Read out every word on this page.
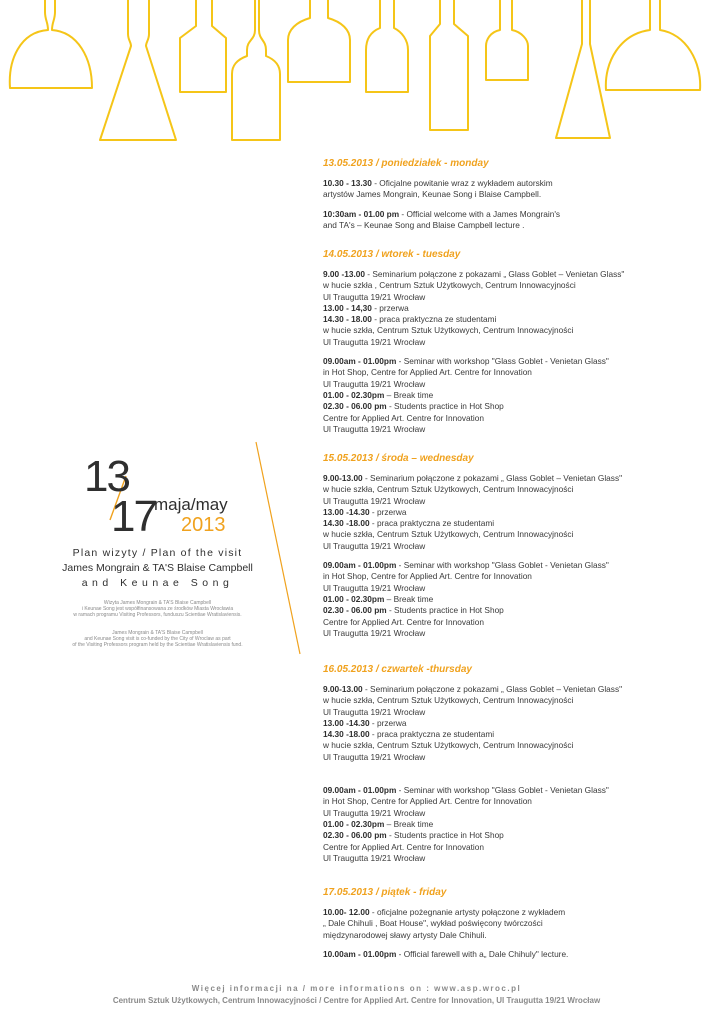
13
17
maja/may
2013
Plan wizyty / Plan of the visit
James Mongrain & TA'S Blaise Campbell
and Keunae Song
Wizyta James Mongrain & TA'S Blaise Campbell
i Keunae Song jest współfinansowana ze środków Miasta Wrocławia
w ramach programu Visiting Professors, funduszu Scientiae Wratislaviensis.
James Mongrain & TA'S Blaise Campbell
and Keunae Song visit is co-funded by the City of Wroclaw as part
of the Visiting Professors program held by the Scientiae Wratislaviensis fund.
13.05.2013 / poniedziałek - monday
10.30 - 13.30 - Oficjalne powitanie wraz z wykładem autorskim
artystów James Mongrain, Keunae Song i Blaise Campbell.
10:30am - 01.00 pm - Official welcome with a James Mongrain's
and TA's – Keunae Song and Blaise Campbell lecture .
14.05.2013 / wtorek - tuesday
9.00 -13.00 - Seminarium połączone z pokazami „ Glass Goblet – Venietan Glass"
w hucie szkła , Centrum Sztuk Użytkowych, Centrum Innowacyjności
Ul Traugutta 19/21 Wrocław
13.00 - 14,30 - przerwa
14.30 - 18.00 - praca praktyczna ze studentami
w hucie szkła, Centrum Sztuk Użytkowych, Centrum Innowacyjności
Ul Traugutta 19/21 Wrocław
09.00am - 01.00pm - Seminar with workshop "Glass Goblet - Venietan Glass"
in Hot Shop, Centre for Applied Art. Centre for Innovation
Ul Traugutta 19/21 Wrocław
01.00 - 02.30pm – Break time
02.30 - 06.00 pm - Students practice in Hot Shop
Centre for Applied Art. Centre for Innovation
Ul Traugutta 19/21 Wrocław
15.05.2013 / środa – wednesday
9.00-13.00 - Seminarium połączone z pokazami „ Glass Goblet – Venietan Glass"
w hucie szkła, Centrum Sztuk Użytkowych, Centrum Innowacyjności
Ul Traugutta 19/21 Wrocław
13.00 -14.30 - przerwa
14.30 -18.00 - praca praktyczna ze studentami
w hucie szkła, Centrum Sztuk Użytkowych, Centrum Innowacyjności
Ul Traugutta 19/21 Wrocław
09.00am - 01.00pm - Seminar with workshop "Glass Goblet - Venietan Glass"
in Hot Shop, Centre for Applied Art. Centre for Innovation
Ul Traugutta 19/21 Wrocław
01.00 - 02.30pm – Break time
02.30 - 06.00 pm - Students practice in Hot Shop
Centre for Applied Art. Centre for Innovation
Ul Traugutta 19/21 Wrocław
16.05.2013 / czwartek -thursday
9.00-13.00 - Seminarium połączone z pokazami „ Glass Goblet – Venietan Glass"
w hucie szkła, Centrum Sztuk Użytkowych, Centrum Innowacyjności
Ul Traugutta 19/21 Wrocław
13.00 -14.30 - przerwa
14.30 -18.00 - praca praktyczna ze studentami
w hucie szkła, Centrum Sztuk Użytkowych, Centrum Innowacyjności
Ul Traugutta 19/21 Wrocław
09.00am - 01.00pm - Seminar with workshop "Glass Goblet - Venietan Glass"
in Hot Shop, Centre for Applied Art. Centre for Innovation
Ul Traugutta 19/21 Wrocław
01.00 - 02.30pm – Break time
02.30 - 06.00 pm - Students practice in Hot Shop
Centre for Applied Art. Centre for Innovation
Ul Traugutta 19/21 Wrocław
17.05.2013 / piątek - friday
10.00- 12.00 - oficjalne pożegnanie artysty połączone z wykładem
„ Dale Chihuli , Boat House", wykład poświęcony twórczości
międzynarodowej sławy artysty Dale Chihuli.
10.00am - 01.00pm - Official farewell with a„ Dale Chihuly" lecture.
Więcej informacji na / more informations on : www.asp.wroc.pl
Centrum Sztuk Użytkowych, Centrum Innowacyjności / Centre for Applied Art. Centre for Innovation, Ul Traugutta 19/21 Wrocław
